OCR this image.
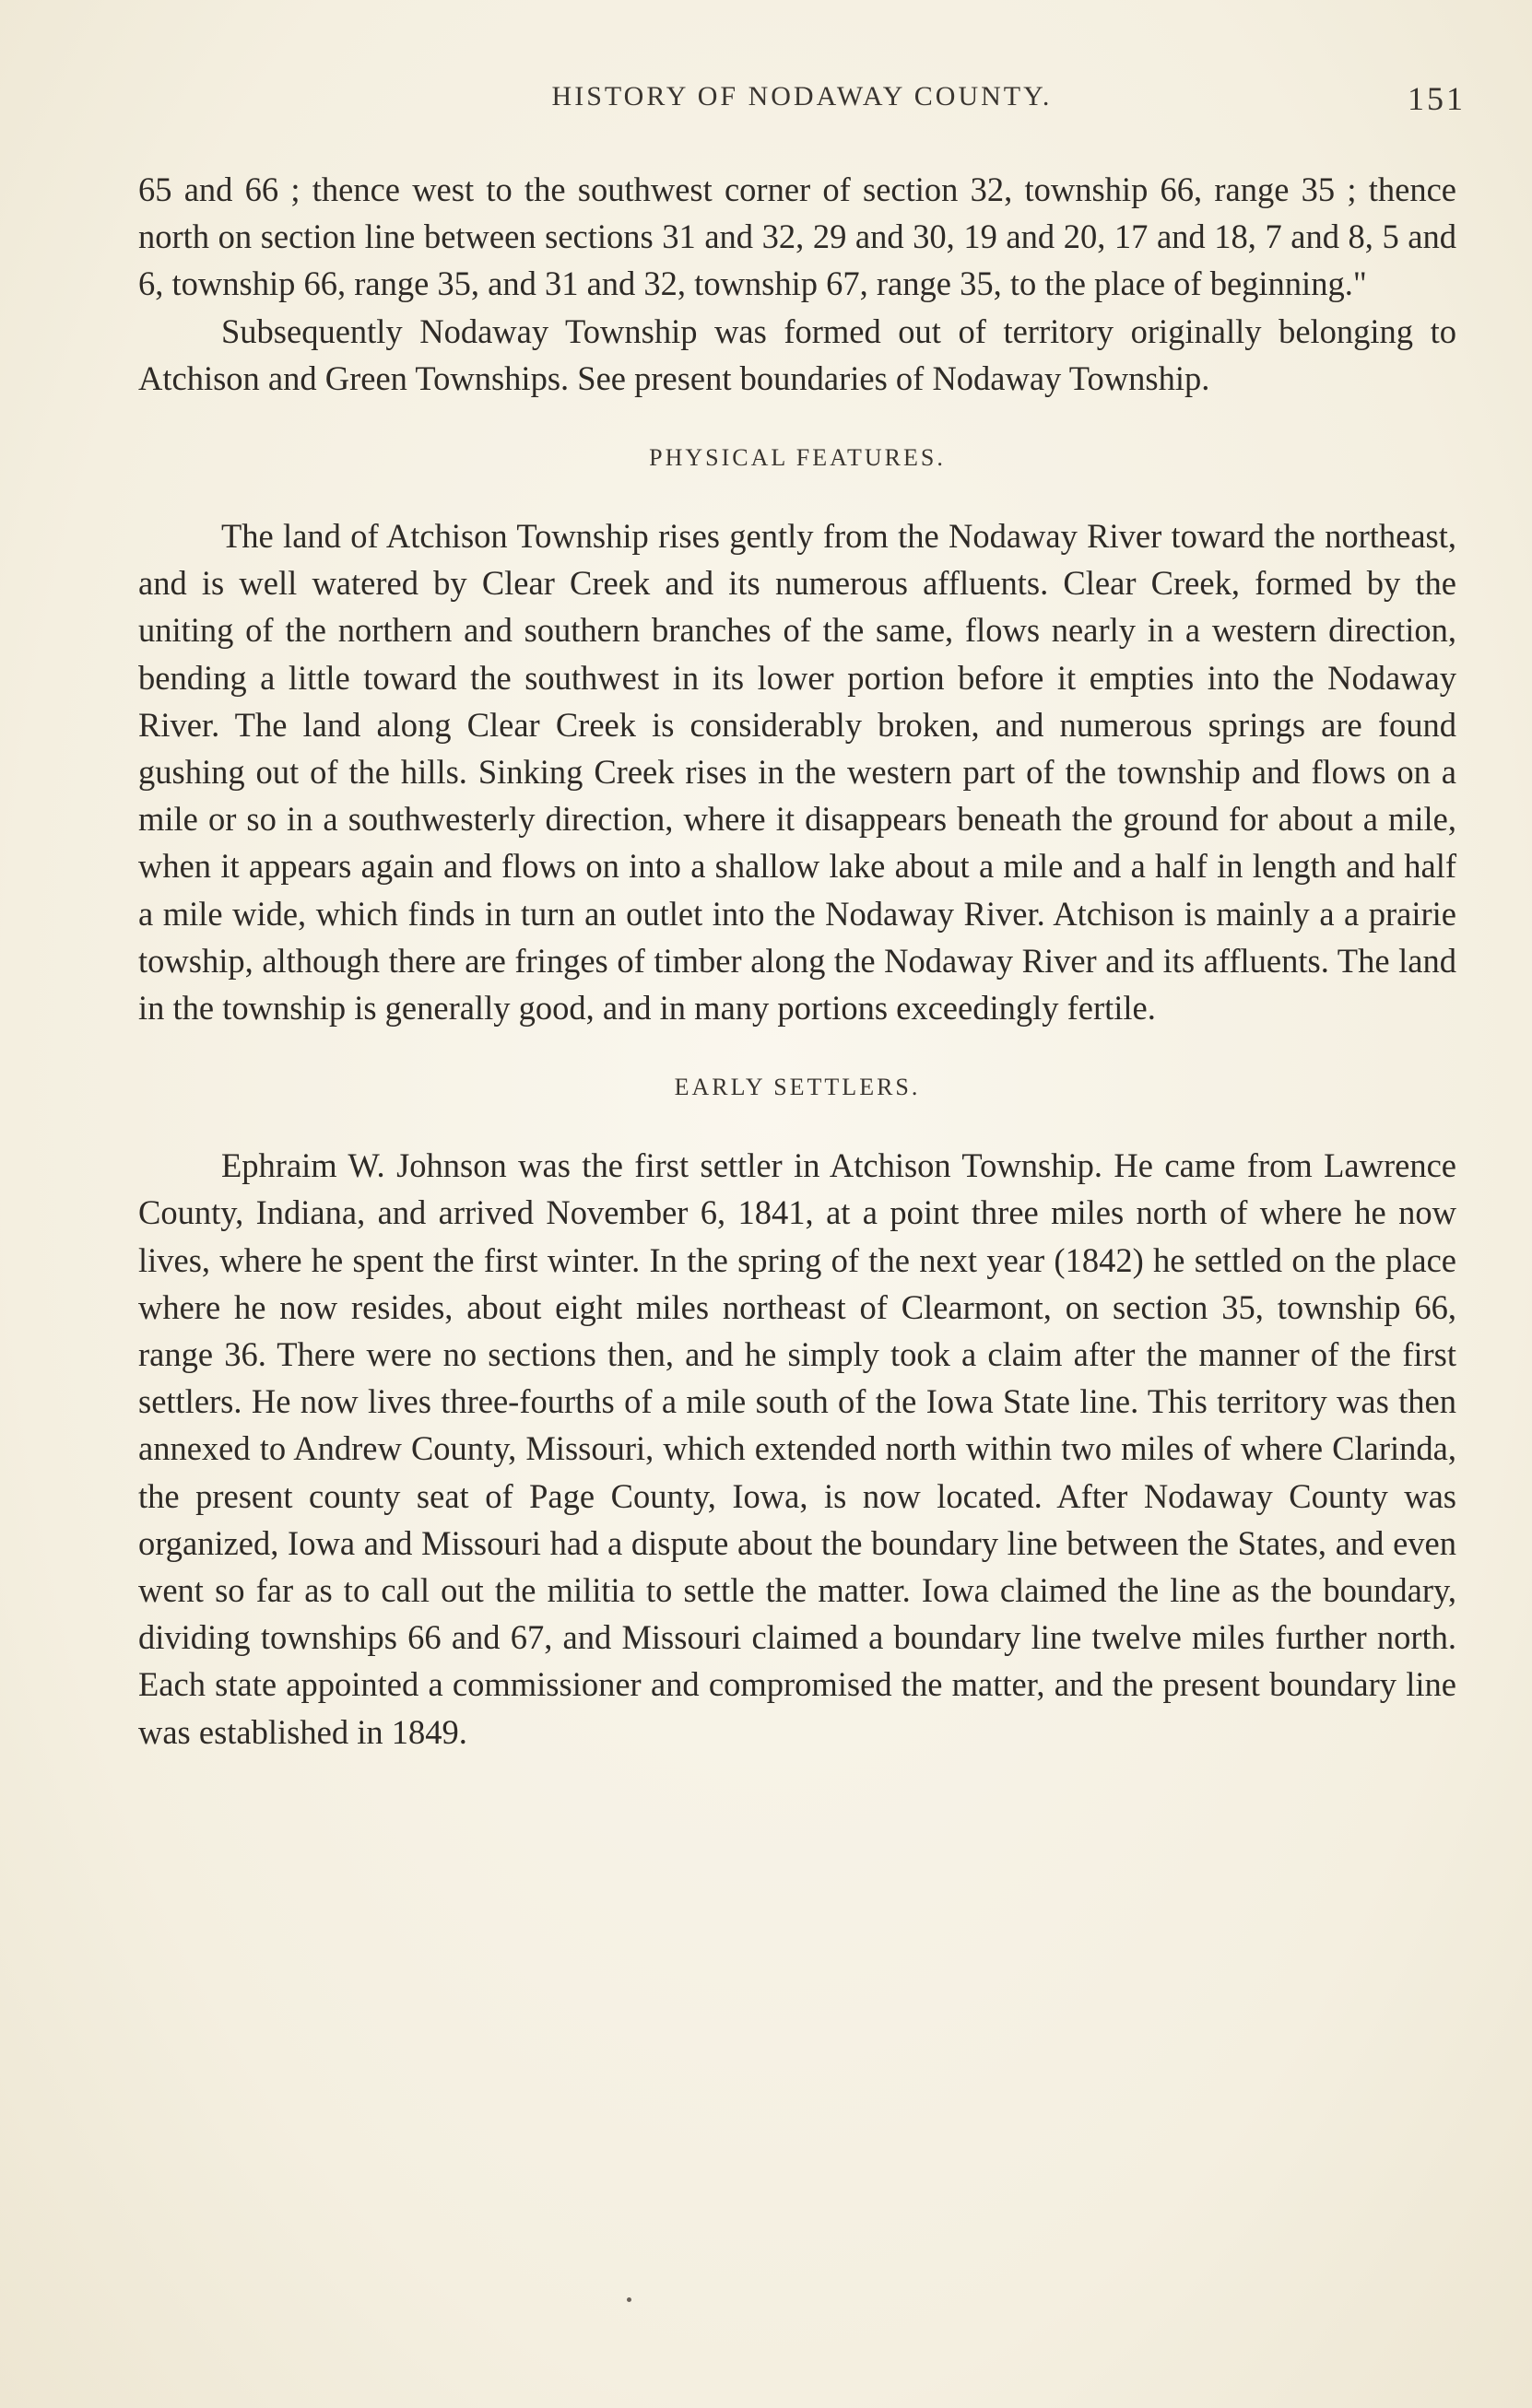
HISTORY OF NODAWAY COUNTY.	151

65 and 66 ; thence west to the southwest corner of section 32, township 66, range 35 ; thence north on section line between sections 31 and 32, 29 and 30, 19 and 20, 17 and 18, 7 and 8, 5 and 6, township 66, range 35, and 31 and 32, township 67, range 35, to the place of beginning."

Subsequently Nodaway Township was formed out of territory originally belonging to Atchison and Green Townships. See present boundaries of Nodaway Township.

PHYSICAL FEATURES.

The land of Atchison Township rises gently from the Nodaway River toward the northeast, and is well watered by Clear Creek and its numerous affluents. Clear Creek, formed by the uniting of the northern and southern branches of the same, flows nearly in a western direction, bending a little toward the southwest in its lower portion before it empties into the Nodaway River. The land along Clear Creek is considerably broken, and numerous springs are found gushing out of the hills. Sinking Creek rises in the western part of the township and flows on a mile or so in a southwesterly direction, where it disappears beneath the ground for about a mile, when it appears again and flows on into a shallow lake about a mile and a half in length and half a mile wide, which finds in turn an outlet into the Nodaway River. Atchison is mainly a a prairie towship, although there are fringes of timber along the Nodaway River and its affluents. The land in the township is generally good, and in many portions exceedingly fertile.

EARLY SETTLERS.

Ephraim W. Johnson was the first settler in Atchison Township. He came from Lawrence County, Indiana, and arrived November 6, 1841, at a point three miles north of where he now lives, where he spent the first winter. In the spring of the next year (1842) he settled on the place where he now resides, about eight miles northeast of Clearmont, on section 35, township 66, range 36. There were no sections then, and he simply took a claim after the manner of the first settlers. He now lives three-fourths of a mile south of the Iowa State line. This territory was then annexed to Andrew County, Missouri, which extended north within two miles of where Clarinda, the present county seat of Page County, Iowa, is now located. After Nodaway County was organized, Iowa and Missouri had a dispute about the boundary line between the States, and even went so far as to call out the militia to settle the matter. Iowa claimed the line as the boundary, dividing townships 66 and 67, and Missouri claimed a boundary line twelve miles further north. Each state appointed a commissioner and compromised the matter, and the present boundary line was established in 1849.
